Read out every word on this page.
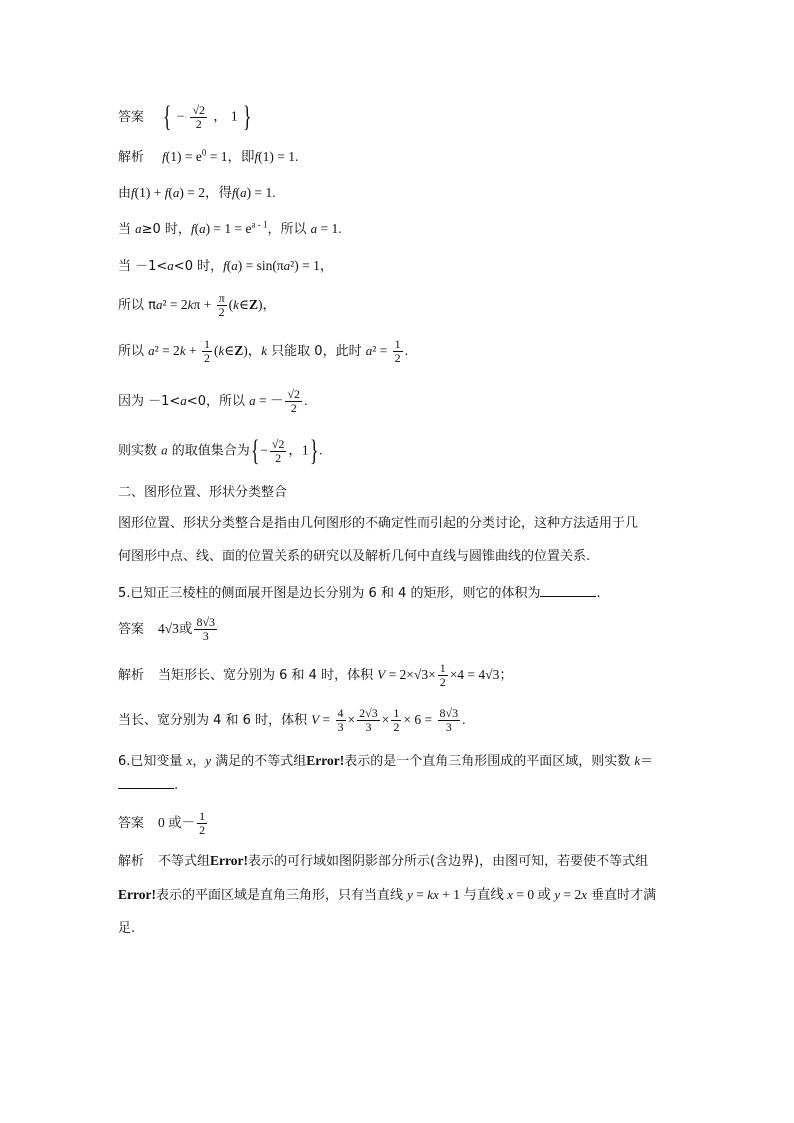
答案 { − $\frac{√2}{2}$ ， 1 }
解析 $f(1) = e^0 = 1$，即f(1) = 1.
由f(1) + f(a) = 2，得f(a) = 1.
当 a≥0 时，$f(a) = 1 = e^{a - 1}$，所以 a = 1.
当 －1<a<0 时，f(a) = sin(πa²) = 1，
所以 $\pi a^2 = 2k\pi + \frac{\pi}{2}$ (k∈Z)，
所以 $a^2 = 2k + \frac{1}{2}$ (k∈Z)，k 只能取 0，此时 $a^2 = \frac{1}{2}$ .
因为 －1<a<0，所以 a = － $\frac{√2}{2}$ .
则实数 a 的取值集合为{− $\frac{√2}{2}$ ，1}.
二、图形位置、形状分类整合
图形位置、形状分类整合是指由几何图形的不确定性而引起的分类讨论，这种方法适用于几
何图形中点、线、面的位置关系的研究以及解析几何中直线与圆锥曲线的位置关系.
5.已知正三棱柱的侧面展开图是边长分别为 6 和 4 的矩形，则它的体积为	.
答案 4√3或 $\frac{8√3}{3}$
解析 当矩形长、宽分别为 6 和 4 时，体积 $V = 2\times√3\times \frac{1}{2} \times 4 = 4√3$；
当长、宽分别为 4 和 6 时，体积 $V = \frac{4}{3} \times \frac{2√3}{3} \times \frac{1}{2} \times 6 = \frac{8√3}{3}$ .
6.已知变量 x，y 满足的不等式组Error!表示的是一个直角三角形围成的平面区域，则实数 k＝
.
答案 0 或－ $\frac{1}{2}$
解析 不等式组Error!表示的可行域如图阴影部分所示(含边界)，由图可知，若要使不等式组
Error!表示的平面区域是直角三角形，只有当直线 y = kx + 1 与直线 x = 0 或 y = 2x 垂直时才满
足.
